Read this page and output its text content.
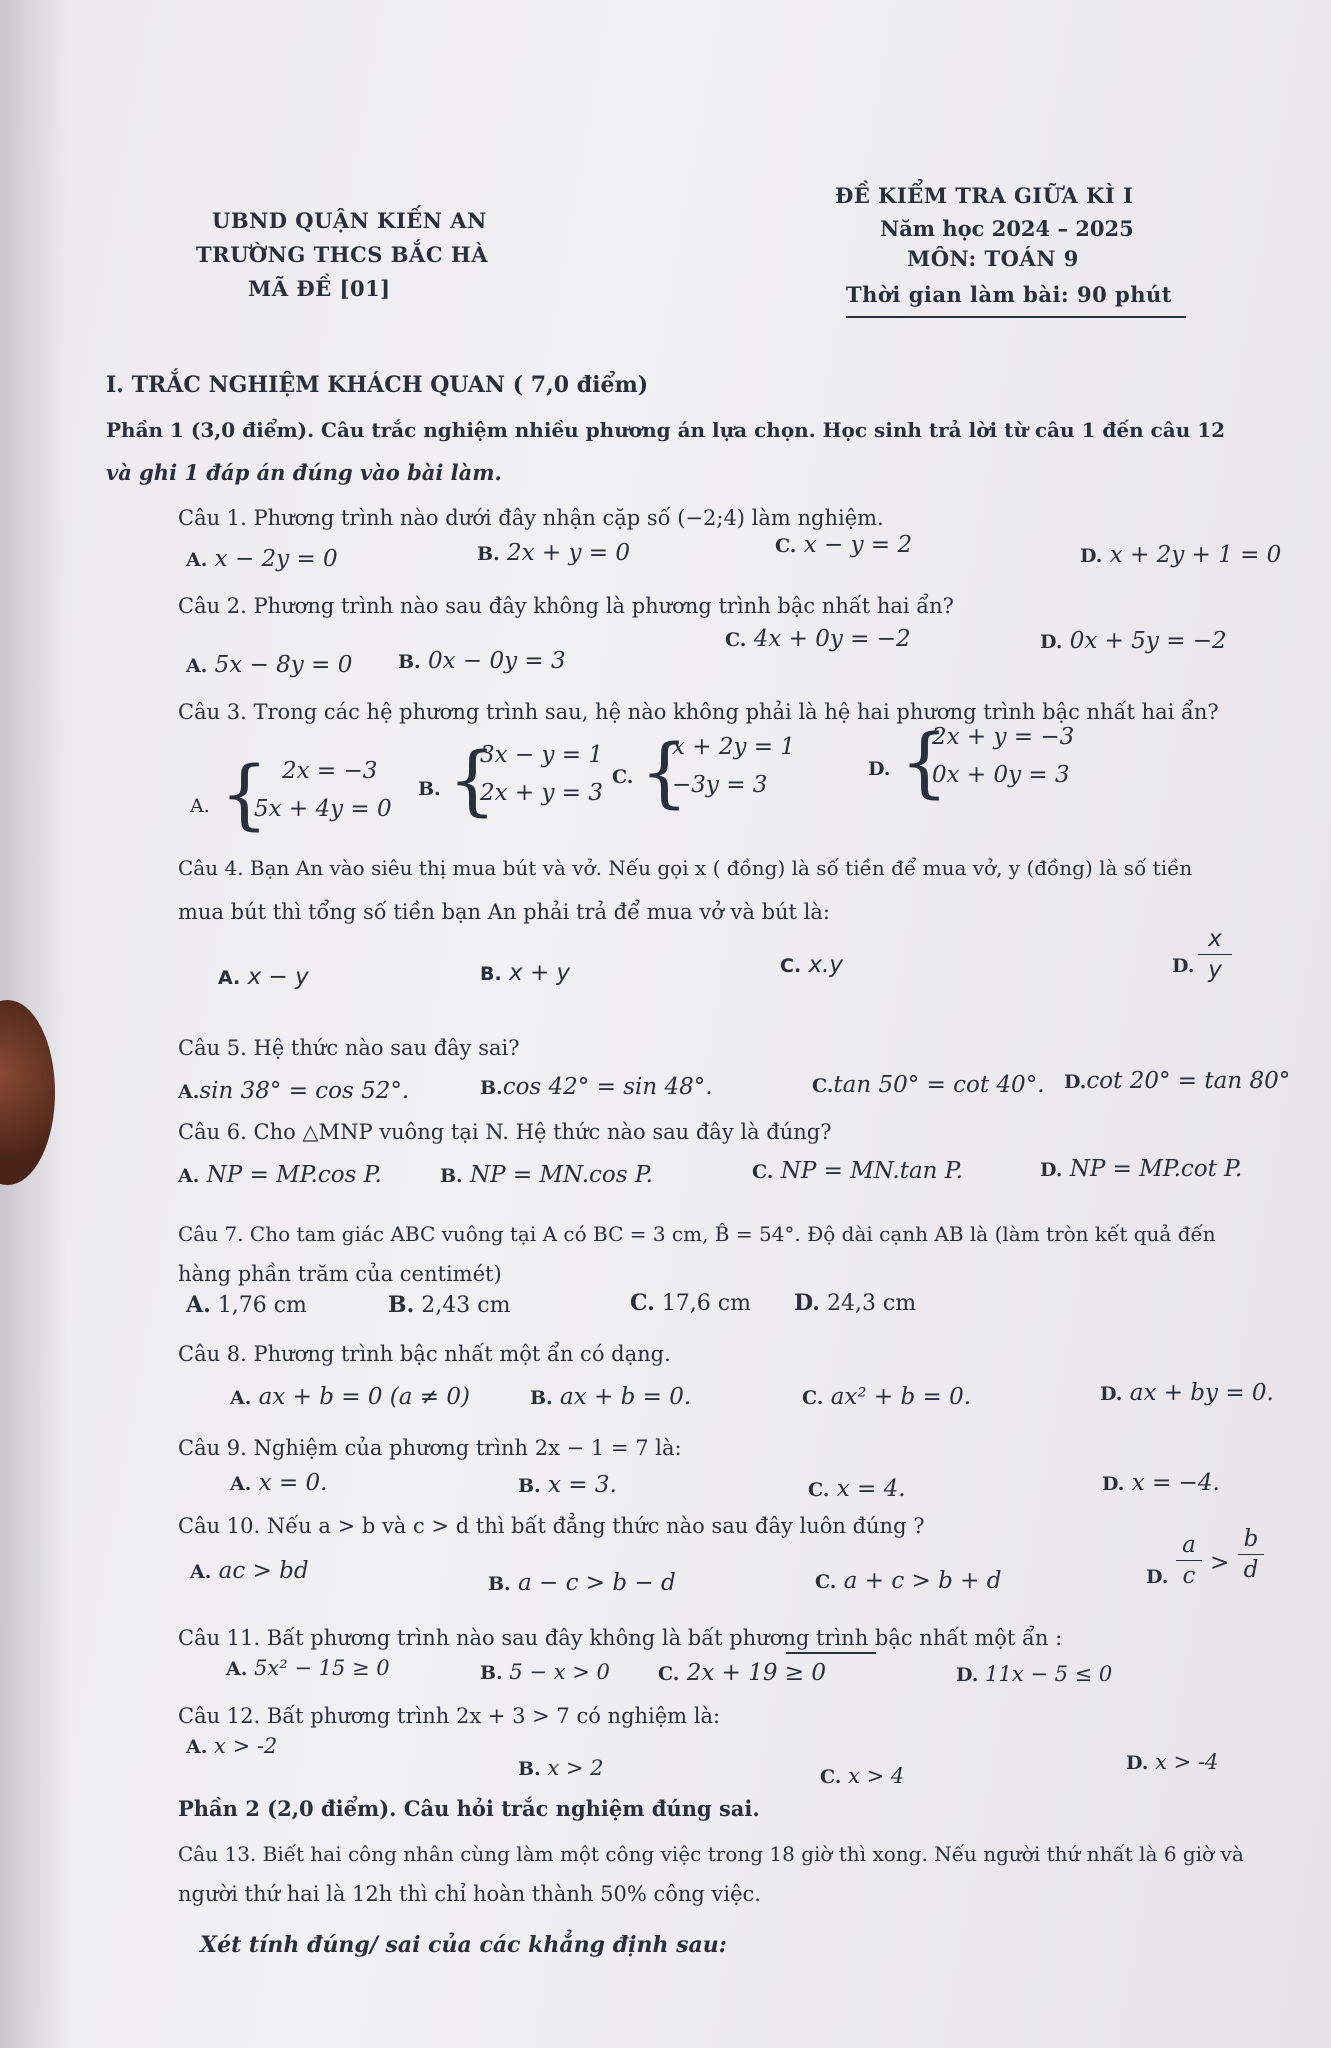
UBND QUẬN KIẾN AN
TRƯỜNG THCS BẮC HÀ
MÃ ĐỀ [01]
ĐỀ KIỂM TRA GIỮA KÌ I
Năm học 2024 – 2025
MÔN: TOÁN 9
Thời gian làm bài: 90 phút
I. TRẮC NGHIỆM KHÁCH QUAN ( 7,0 điểm)
Phần 1 (3,0 điểm). Câu trắc nghiệm nhiều phương án lựa chọn. Học sinh trả lời từ câu 1 đến câu 12
và ghi 1 đáp án đúng vào bài làm.
Câu 1. Phương trình nào dưới đây nhận cặp số (−2;4) làm nghiệm.
A. x − 2y = 0	B. 2x + y = 0	C. x − y = 2	D. x + 2y + 1 = 0
Câu 2. Phương trình nào sau đây không là phương trình bậc nhất hai ẩn?
A. 5x − 8y = 0 B. 0x − 0y = 3
C. 4x + 0y = −2	D. 0x + 5y = −2
Câu 3. Trong các hệ phương trình sau, hệ nào không phải là hệ hai phương trình bậc nhất hai ẩn?
A. { 2x = −3
5x + 4y = 0
B. {
3x − y = 1
2x + y = 3
C. {
x + 2y = 1
−3y = 3
D. {
2x + y = −3
0x + 0y = 3
Câu 4. Bạn An vào siêu thị mua bút và vở. Nếu gọi x ( đồng) là số tiền để mua vở, y (đồng) là số tiền
mua bút thì tổng số tiền bạn An phải trả để mua vở và bút là:
A. x − y	B. x + y	C. x.y	D.
x
y
Câu 5. Hệ thức nào sau đây sai?
A.sin 38° = cos 52°.	B.cos 42° = sin 48°.	C.tan 50° = cot 40°. D.cot 20° = tan 80°
Câu 6. Cho △MNP vuông tại N. Hệ thức nào sau đây là đúng?
A. NP = MP.cos P.	B. NP = MN.cos P.	C. NP = MN.tan P.	D. NP = MP.cot P.
Câu 7. Cho tam giác ABC vuông tại A có BC = 3 cm, B̂ = 54°. Độ dài cạnh AB là (làm tròn kết quả đến
hàng phần trăm của centimét)
A. 1,76 cm	B. 2,43 cm	C. 17,6 cm D. 24,3 cm
Câu 8. Phương trình bậc nhất một ẩn có dạng.
A. ax + b = 0 (a ≠ 0)	B. ax + b = 0.	C. ax² + b = 0.	D. ax + by = 0.
Câu 9. Nghiệm của phương trình 2x − 1 = 7 là:
A. x = 0.	B. x = 3.	C. x = 4.	D. x = −4.
Câu 10. Nếu a > b và c > d thì bất đẳng thức nào sau đây luôn đúng ?
A. ac > bd	B. a − c > b − d	C. a + c > b + d	D.
a
c >
b
d
Câu 11. Bất phương trình nào sau đây không là bất phương trình bậc nhất một ẩn :
A. 5x² − 15 ≥ 0	B. 5 − x > 0	C. 2x + 19 ≥ 0	D. 11x − 5 ≤ 0
Câu 12. Bất phương trình 2x + 3 > 7 có nghiệm là:
A. x > -2
B. x > 2	C. x > 4
D. x > -4
Phần 2 (2,0 điểm). Câu hỏi trắc nghiệm đúng sai.
Câu 13. Biết hai công nhân cùng làm một công việc trong 18 giờ thì xong. Nếu người thứ nhất là 6 giờ và
người thứ hai là 12h thì chỉ hoàn thành 50% công việc.
Xét tính đúng/ sai của các khẳng định sau:
